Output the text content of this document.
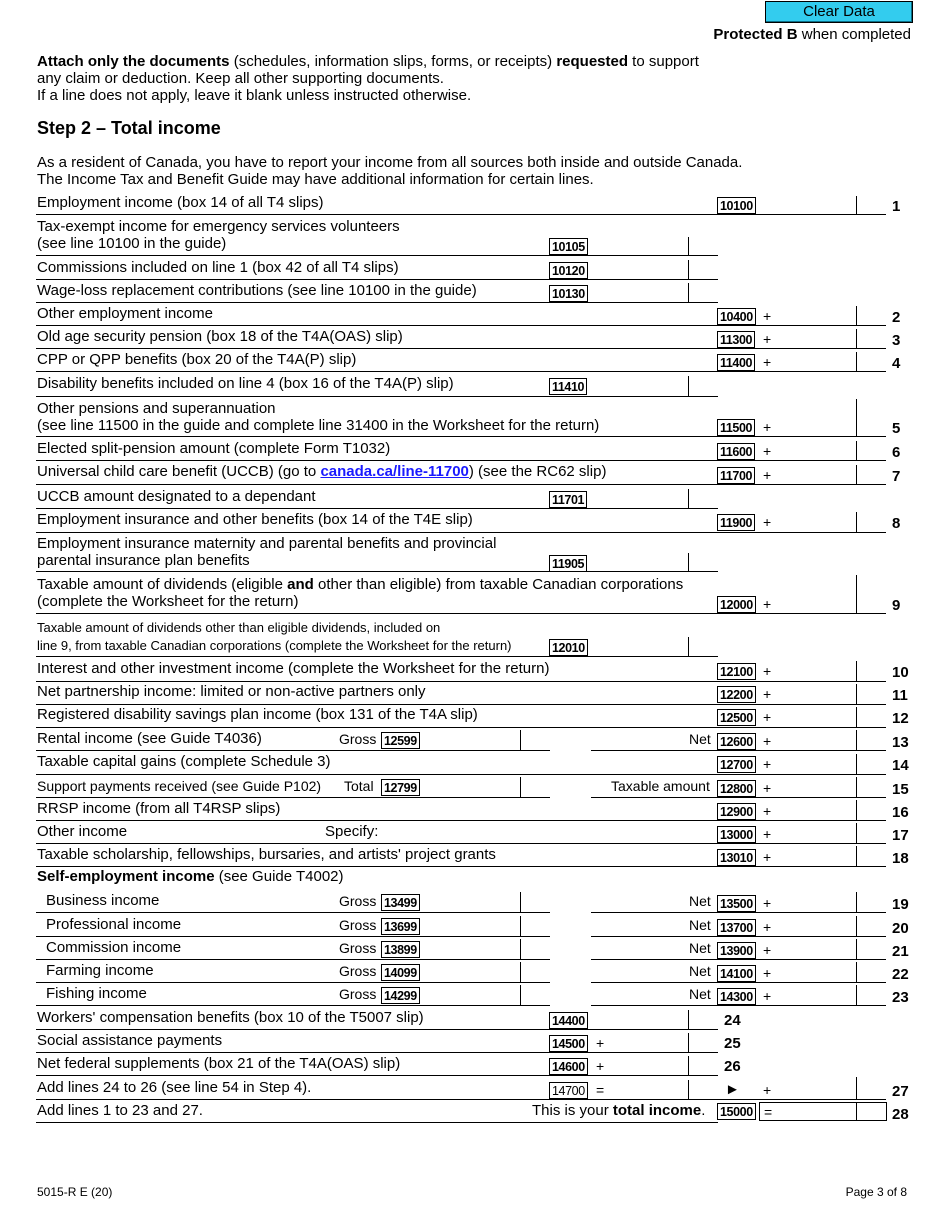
Clear Data
Protected B when completed
Attach only the documents (schedules, information slips, forms, or receipts) requested to support
any claim or deduction. Keep all other supporting documents.
If a line does not apply, leave it blank unless instructed otherwise.
Step 2 – Total income
As a resident of Canada, you have to report your income from all sources both inside and outside Canada.
The Income Tax and Benefit Guide may have additional information for certain lines.
Employment income (box 14 of all T4 slips)	10100	1
Tax-exempt income for emergency services volunteers
(see line 10100 in the guide)	10105
Commissions included on line 1 (box 42 of all T4 slips)	10120
Wage-loss replacement contributions (see line 10100 in the guide)	10130
Other employment income	10400 +	2
Old age security pension (box 18 of the T4A(OAS) slip)	11300 +	3
CPP or QPP benefits (box 20 of the T4A(P) slip)	11400 +	4
Disability benefits included on line 4 (box 16 of the T4A(P) slip)	11410
Other pensions and superannuation
(see line 11500 in the guide and complete line 31400 in the Worksheet for the return)	11500 +	5
Elected split-pension amount (complete Form T1032)	11600 +	6
Universal child care benefit (UCCB) (go to canada.ca/line-11700) (see the RC62 slip)	11700 +	7
UCCB amount designated to a dependant	11701
Employment insurance and other benefits (box 14 of the T4E slip)	11900 +	8
Employment insurance maternity and parental benefits and provincial
parental insurance plan benefits	11905
Taxable amount of dividends (eligible and other than eligible) from taxable Canadian corporations
(complete the Worksheet for the return)	12000 +	9
Taxable amount of dividends other than eligible dividends, included on
line 9, from taxable Canadian corporations (complete the Worksheet for the return)	12010
Interest and other investment income (complete the Worksheet for the return)	12100 +	10
Net partnership income: limited or non-active partners only	12200 +	11
Registered disability savings plan income (box 131 of the T4A slip)	12500 +	12
Rental income (see Guide T4036)	Gross 12599	Net 12600 +	13
Taxable capital gains (complete Schedule 3)	12700 +	14
Support payments received (see Guide P102) Total 12799	Taxable amount 12800 +	15
RRSP income (from all T4RSP slips)	12900 +	16
Other income	Specify:	13000 +	17
Taxable scholarship, fellowships, bursaries, and artists' project grants	13010 +	18
Self-employment income (see Guide T4002)
Business income	Gross 13499	Net 13500 +	19
Professional income	Gross 13699	Net 13700 +	20
Commission income	Gross 13899	Net 13900 +	21
Farming income	Gross 14099	Net 14100 +	22
Fishing income	Gross 14299	Net 14300 +	23
Workers' compensation benefits (box 10 of the T5007 slip)	14400	24
Social assistance payments	14500 +	25
Net federal supplements (box 21 of the T4A(OAS) slip)	14600 +	26
Add lines 24 to 26 (see line 54 in Step 4).	14700 =	► +	27
Add lines 1 to 23 and 27.	This is your total income. 15000 =	28
5015-R E (20)	Page 3 of 8
